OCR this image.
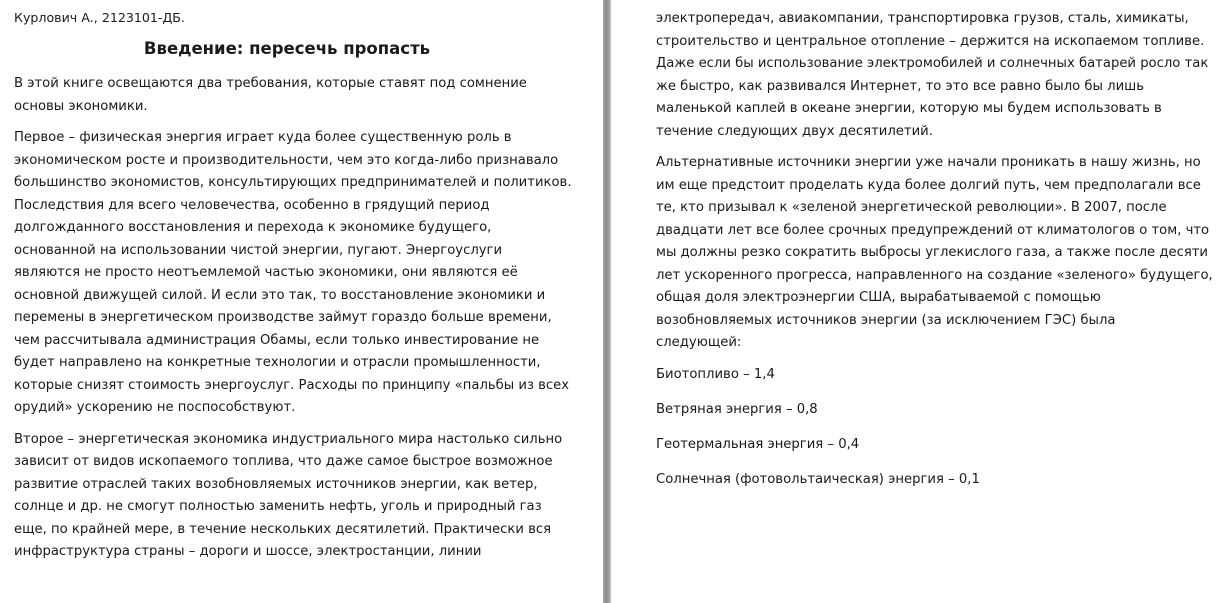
Курлович А., 2123101-ДБ.
Введение: пересечь пропасть
В этой книге освещаются два требования, которые ставят под сомнение
основы экономики.
Первое – физическая энергия играет куда более существенную роль в
экономическом росте и производительности, чем это когда-либо признавало
большинство экономистов, консультирующих предпринимателей и политиков.
Последствия для всего человечества, особенно в грядущий период
долгожданного восстановления и перехода к экономике будущего,
основанной на использовании чистой энергии, пугают. Энергоуслуги
являются не просто неотъемлемой частью экономики, они являются её
основной движущей силой. И если это так, то восстановление экономики и
перемены в энергетическом производстве займут гораздо больше времени,
чем рассчитывала администрация Обамы, если только инвестирование не
будет направлено на конкретные технологии и отрасли промышленности,
которые снизят стоимость энергоуслуг. Расходы по принципу «пальбы из всех
орудий» ускорению не поспособствуют.
Второе – энергетическая экономика индустриального мира настолько сильно
зависит от видов ископаемого топлива, что даже самое быстрое возможное
развитие отраслей таких возобновляемых источников энергии, как ветер,
солнце и др. не смогут полностью заменить нефть, уголь и природный газ
еще, по крайней мере, в течение нескольких десятилетий. Практически вся
инфраструктура страны – дороги и шоссе, электростанции, линии
электропередач, авиакомпании, транспортировка грузов, сталь, химикаты,
строительство и центральное отопление – держится на ископаемом топливе.
Даже если бы использование электромобилей и солнечных батарей росло так
же быстро, как развивался Интернет, то это все равно было бы лишь
маленькой каплей в океане энергии, которую мы будем использовать в
течение следующих двух десятилетий.
Альтернативные источники энергии уже начали проникать в нашу жизнь, но
им еще предстоит проделать куда более долгий путь, чем предполагали все
те, кто призывал к «зеленой энергетической революции». В 2007, после
двадцати лет все более срочных предупреждений от климатологов о том, что
мы должны резко сократить выбросы углекислого газа, а также после десяти
лет ускоренного прогресса, направленного на создание «зеленого» будущего,
общая доля электроэнергии США, вырабатываемой с помощью
возобновляемых источников энергии (за исключением ГЭС) была
следующей:
Биотопливо – 1,4
Ветряная энергия – 0,8
Геотермальная энергия – 0,4
Солнечная (фотовольтаическая) энергия – 0,1
